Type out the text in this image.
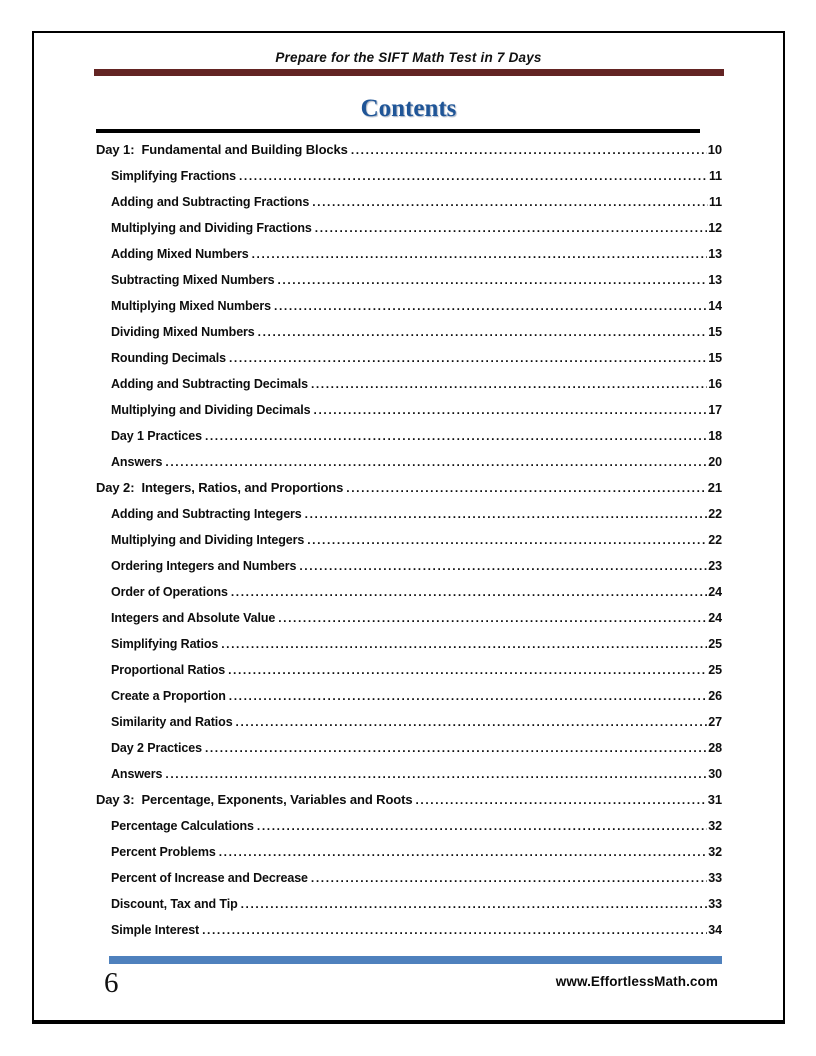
Prepare for the SIFT Math Test in 7 Days
Contents
Day 1:  Fundamental and Building Blocks .....	10
Simplifying Fractions .....	11
Adding and Subtracting Fractions .....	11
Multiplying and Dividing Fractions .....	12
Adding Mixed Numbers .....	13
Subtracting Mixed Numbers .....	13
Multiplying Mixed Numbers .....	14
Dividing Mixed Numbers .....	15
Rounding Decimals .....	15
Adding and Subtracting Decimals .....	16
Multiplying and Dividing Decimals .....	17
Day 1 Practices .....	18
Answers .....	20
Day 2:  Integers, Ratios, and Proportions .....	21
Adding and Subtracting Integers .....	22
Multiplying and Dividing Integers .....	22
Ordering Integers and Numbers .....	23
Order of Operations .....	24
Integers and Absolute Value .....	24
Simplifying Ratios .....	25
Proportional Ratios .....	25
Create a Proportion .....	26
Similarity and Ratios .....	27
Day 2 Practices .....	28
Answers .....	30
Day 3:  Percentage, Exponents, Variables and Roots .....	31
Percentage Calculations .....	32
Percent Problems .....	32
Percent of Increase and Decrease .....	33
Discount, Tax and Tip .....	33
Simple Interest .....	34
6	www.EffortlessMath.com
